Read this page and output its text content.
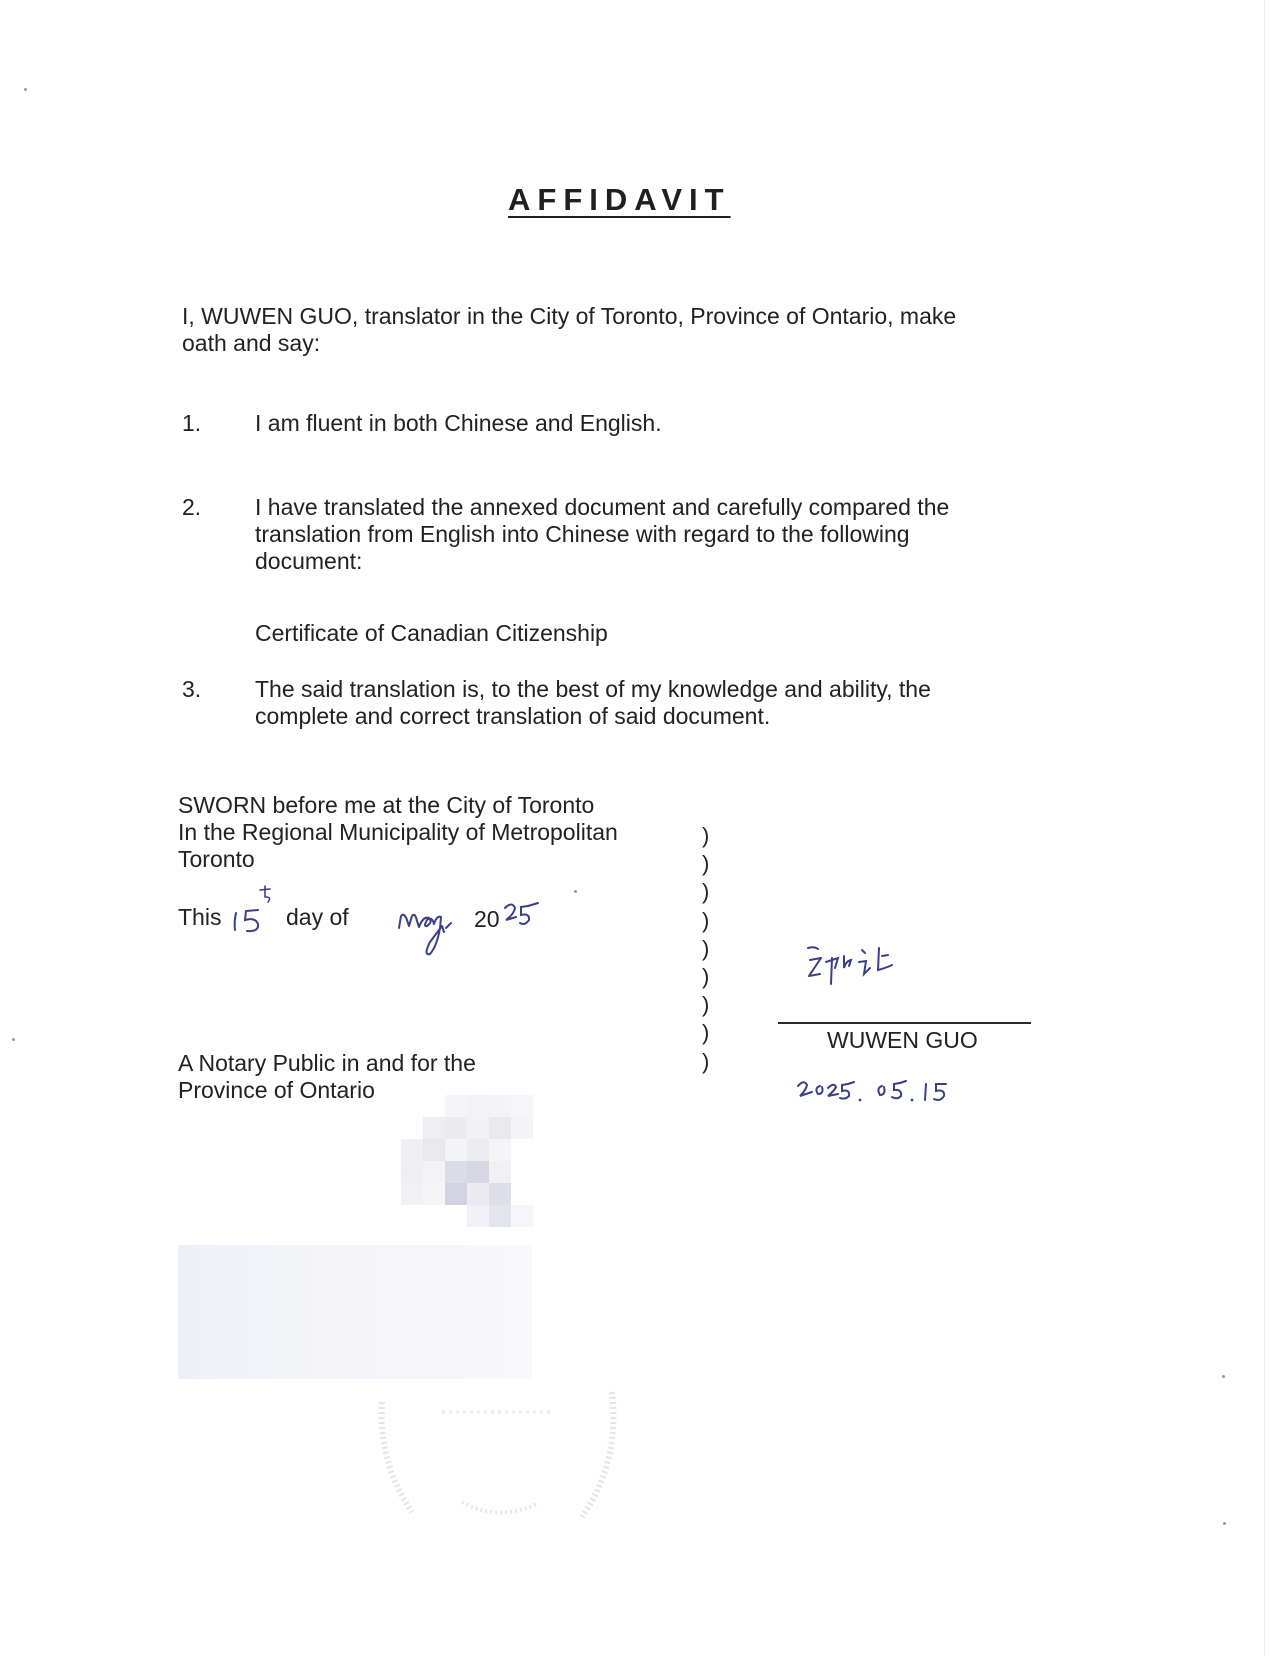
AFFIDAVIT
I, WUWEN GUO, translator in the City of Toronto, Province of Ontario, make
oath and say:
1. I am fluent in both Chinese and English.
2. I have translated the annexed document and carefully compared the
translation from English into Chinese with regard to the following
document:
Certificate of Canadian Citizenship
3. The said translation is, to the best of my knowledge and ability, the
complete and correct translation of said document.
SWORN before me at the City of Toronto
In the Regional Municipality of Metropolitan
Toronto
This	day of	20
A Notary Public in and for the
Province of Ontario
)
)
)
)
)
)
)
)
)
WUWEN GUO
